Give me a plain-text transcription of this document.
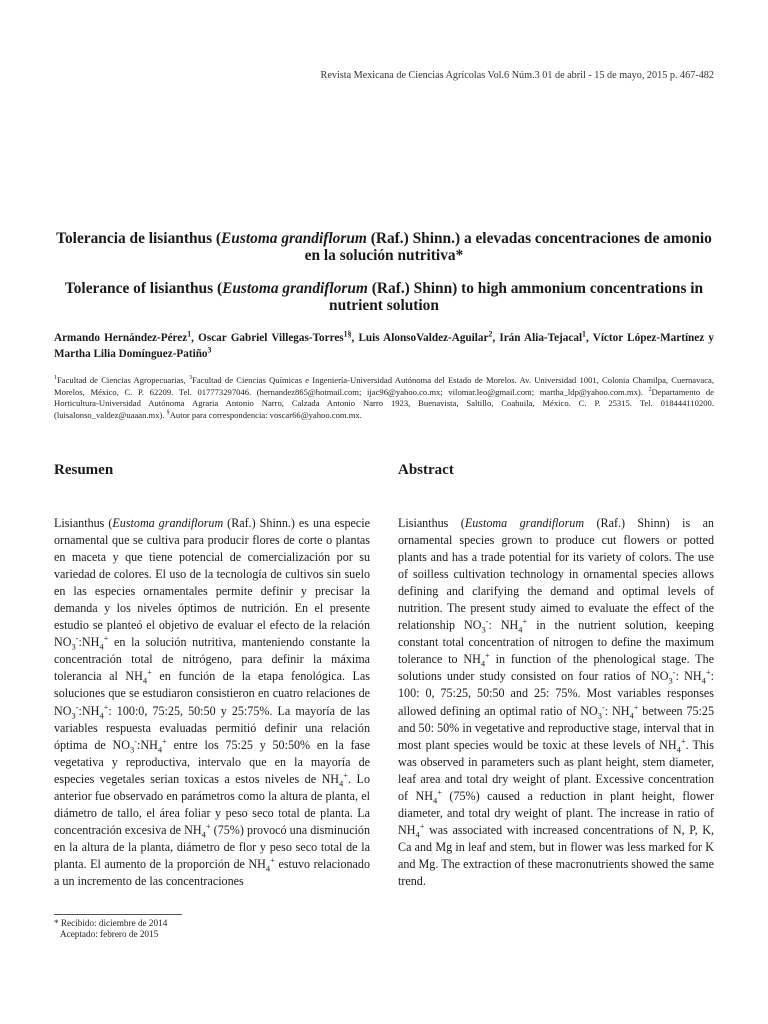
Revista Mexicana de Ciencias Agrícolas Vol.6 Núm.3 01 de abril - 15 de mayo, 2015 p. 467-482
Tolerancia de lisianthus (Eustoma grandiflorum (Raf.) Shinn.) a elevadas concentraciones de amonio en la solución nutritiva*
Tolerance of lisianthus (Eustoma grandiflorum (Raf.) Shinn) to high ammonium concentrations in nutrient solution
Armando Hernández-Pérez$^1$, Oscar Gabriel Villegas-Torres$^{1\S}$, Luis AlonsoValdez-Aguilar$^2$, Irán Alia-Tejacal$^1$, Víctor López-Martínez y Martha Lilia Domínguez-Patiño$^3$
$^1$Facultad de Ciencias Agropecuarias, $^3$Facultad de Ciencias Químicas e Ingeniería-Universidad Autónoma del Estado de Morelos. Av. Universidad 1001, Colonia Chamilpa, Cuernavaca, Morelos, México, C. P. 62209. Tel. 017773297046. (hernandez865@hotmail.com; ijac96@yahoo.co.mx; vilomar.leo@gmail.com; martha_ldp@yahoo.com.mx). $^2$Departamento de Horticultura-Universidad Autónoma Agraria Antonio Narro, Calzada Antonio Narro 1923, Buenavista, Saltillo, Coahuila, México. C. P. 25315. Tel. 018444110200. (luisalonso_valdez@uaaan.mx). §Autor para correspondencia: voscar66@yahoo.com.mx.
Resumen	Abstract
Lisianthus (Eustoma grandiflorum (Raf.) Shinn.) es una especie ornamental que se cultiva para producir flores de corte o plantas en maceta y que tiene potencial de comercialización por su variedad de colores. El uso de la tecnología de cultivos sin suelo en las especies ornamentales permite definir y precisar la demanda y los niveles óptimos de nutrición. En el presente estudio se planteó el objetivo de evaluar el efecto de la relación $NO_3^-:NH_4^+$ en la solución nutritiva, manteniendo constante la concentración total de nitrógeno, para definir la máxima tolerancia al $NH_4^+$ en función de la etapa fenológica. Las soluciones que se estudiaron consistieron en cuatro relaciones de $NO_3^-:NH_4^+$: 100:0, 75:25, 50:50 y 25:75%. La mayoría de las variables respuesta evaluadas permitió definir una relación óptima de $NO_3^-:NH_4^+$ entre los 75:25 y 50:50% en la fase vegetativa y reproductiva, intervalo que en la mayoría de especies vegetales serian toxicas a estos niveles de $NH_4^+$. Lo anterior fue observado en parámetros como la altura de planta, el diámetro de tallo, el área foliar y peso seco total de planta. La concentración excesiva de $NH_4^+$ (75%) provocó una disminución en la altura de la planta, diámetro de flor y peso seco total de la planta. El aumento de la proporción de $NH_4^+$ estuvo relacionado a un incremento de las concentraciones
Lisianthus (Eustoma grandiflorum (Raf.) Shinn) is an ornamental species grown to produce cut flowers or potted plants and has a trade potential for its variety of colors. The use of soilless cultivation technology in ornamental species allows defining and clarifying the demand and optimal levels of nutrition. The present study aimed to evaluate the effect of the relationship $NO_3^-$: $NH_4^+$ in the nutrient solution, keeping constant total concentration of nitrogen to define the maximum tolerance to $NH_4^+$ in function of the phenological stage. The solutions under study consisted on four ratios of $NO_3^-$: $NH_4^+$: 100: 0, 75:25, 50:50 and 25: 75%. Most variables responses allowed defining an optimal ratio of $NO_3^-$: $NH_4^+$ between 75:25 and 50: 50% in vegetative and reproductive stage, interval that in most plant species would be toxic at these levels of $NH_4^+$. This was observed in parameters such as plant height, stem diameter, leaf area and total dry weight of plant. Excessive concentration of $NH_4^+$ (75%) caused a reduction in plant height, flower diameter, and total dry weight of plant. The increase in ratio of $NH_4^+$ was associated with increased concentrations of N, P, K, Ca and Mg in leaf and stem, but in flower was less marked for K and Mg. The extraction of these macronutrients showed the same trend.
* Recibido: diciembre de 2014
Aceptado: febrero de 2015
